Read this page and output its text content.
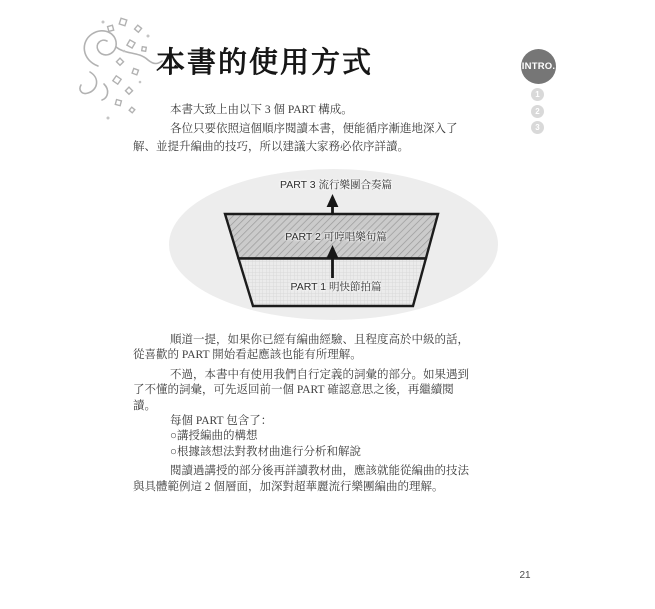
本書的使用方式	INTRO.
1
2
3
本書大致上由以下 3 個 PART 構成。
各位只要依照這個順序閱讀本書，便能循序漸進地深入了
解、並提升編曲的技巧，所以建議大家務必依序詳讀。
PART 3 流行樂團合奏篇
PART 2 可哼唱樂句篇
PART 1 明快節拍篇
順道一提，如果你已經有編曲經驗、且程度高於中級的話，
從喜歡的 PART 開始看起應該也能有所理解。
不過，本書中有使用我們自行定義的詞彙的部分。如果遇到
了不懂的詞彙，可先返回前一個 PART 確認意思之後，再繼續閱
讀。
每個 PART 包含了：
○講授編曲的構想
○根據該想法對教材曲進行分析和解說
閱讀過講授的部分後再詳讀教材曲，應該就能從編曲的技法
與具體範例這 2 個層面，加深對超華麗流行樂團編曲的理解。
21
